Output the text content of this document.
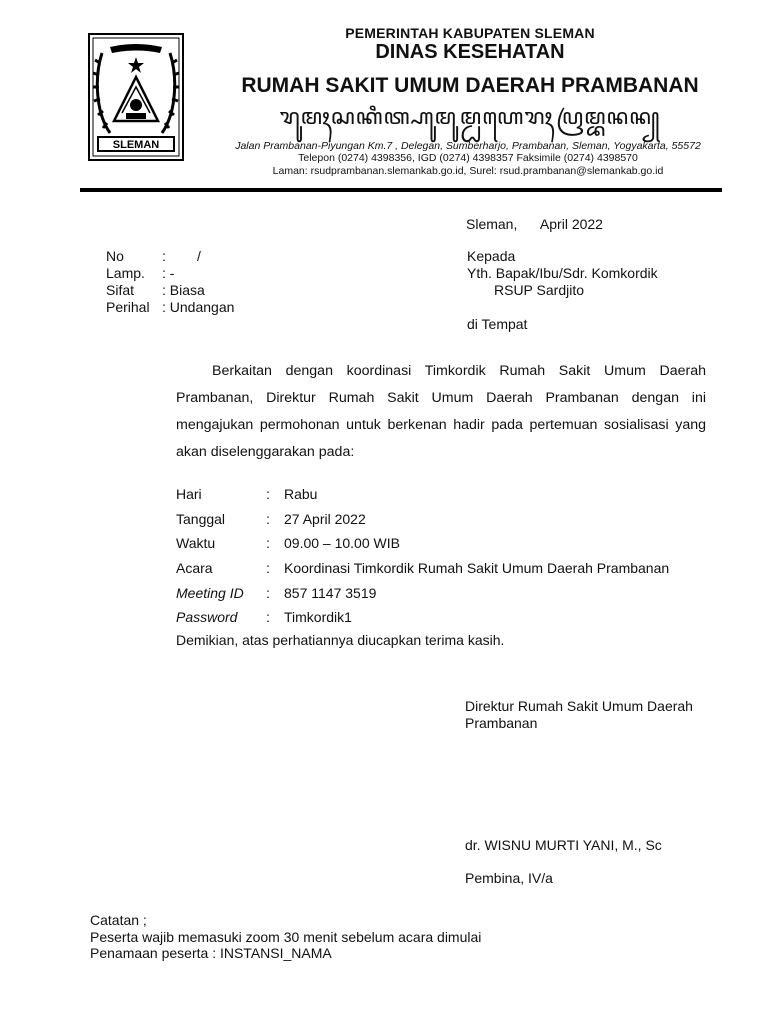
SLEMAN
PEMERINTAH KABUPATEN SLEMAN
DINAS KESEHATAN
RUMAH SAKIT UMUM DAERAH PRAMBANAN
ꦫꦸꦩꦃꦱꦏꦶꦠ꧀ꦲꦸꦩꦸꦩ꧀ꦝꦲꦺꦫꦃꦥꦿꦩ꧀ꦧꦤꦤ꧀
Jalan Prambanan-Piyungan Km.7 , Delegan, Sumberharjo, Prambanan, Sleman, Yogyakarta, 55572
Telepon (0274) 4398356, IGD (0274) 4398357 Faksimile (0274) 4398570
Laman: rsudprambanan.slemankab.go.id, Surel: rsud.prambanan@slemankab.go.id
Sleman,      April 2022
No	:        /
Lamp.	: -
Sifat	: Biasa
Perihal : Undangan
Kepada
Yth. Bapak/Ibu/Sdr. Komkordik
RSUP Sardjito
di Tempat
Berkaitan dengan koordinasi Timkordik Rumah Sakit Umum Daerah Prambanan, Direktur Rumah Sakit Umum Daerah Prambanan dengan ini mengajukan permohonan untuk berkenan hadir pada pertemuan sosialisasi yang akan diselenggarakan pada:
Hari	:	Rabu
Tanggal	:	27 April 2022
Waktu	:	09.00 – 10.00 WIB
Acara	:	Koordinasi Timkordik Rumah Sakit Umum Daerah Prambanan
Meeting ID	:	857 1147 3519
Password	:	Timkordik1
Demikian, atas perhatiannya diucapkan terima kasih.
Direktur Rumah Sakit Umum Daerah
Prambanan
dr. WISNU MURTI YANI, M., Sc
Pembina, IV/a
Catatan ;
Peserta wajib memasuki zoom 30 menit sebelum acara dimulai
Penamaan peserta : INSTANSI_NAMA
